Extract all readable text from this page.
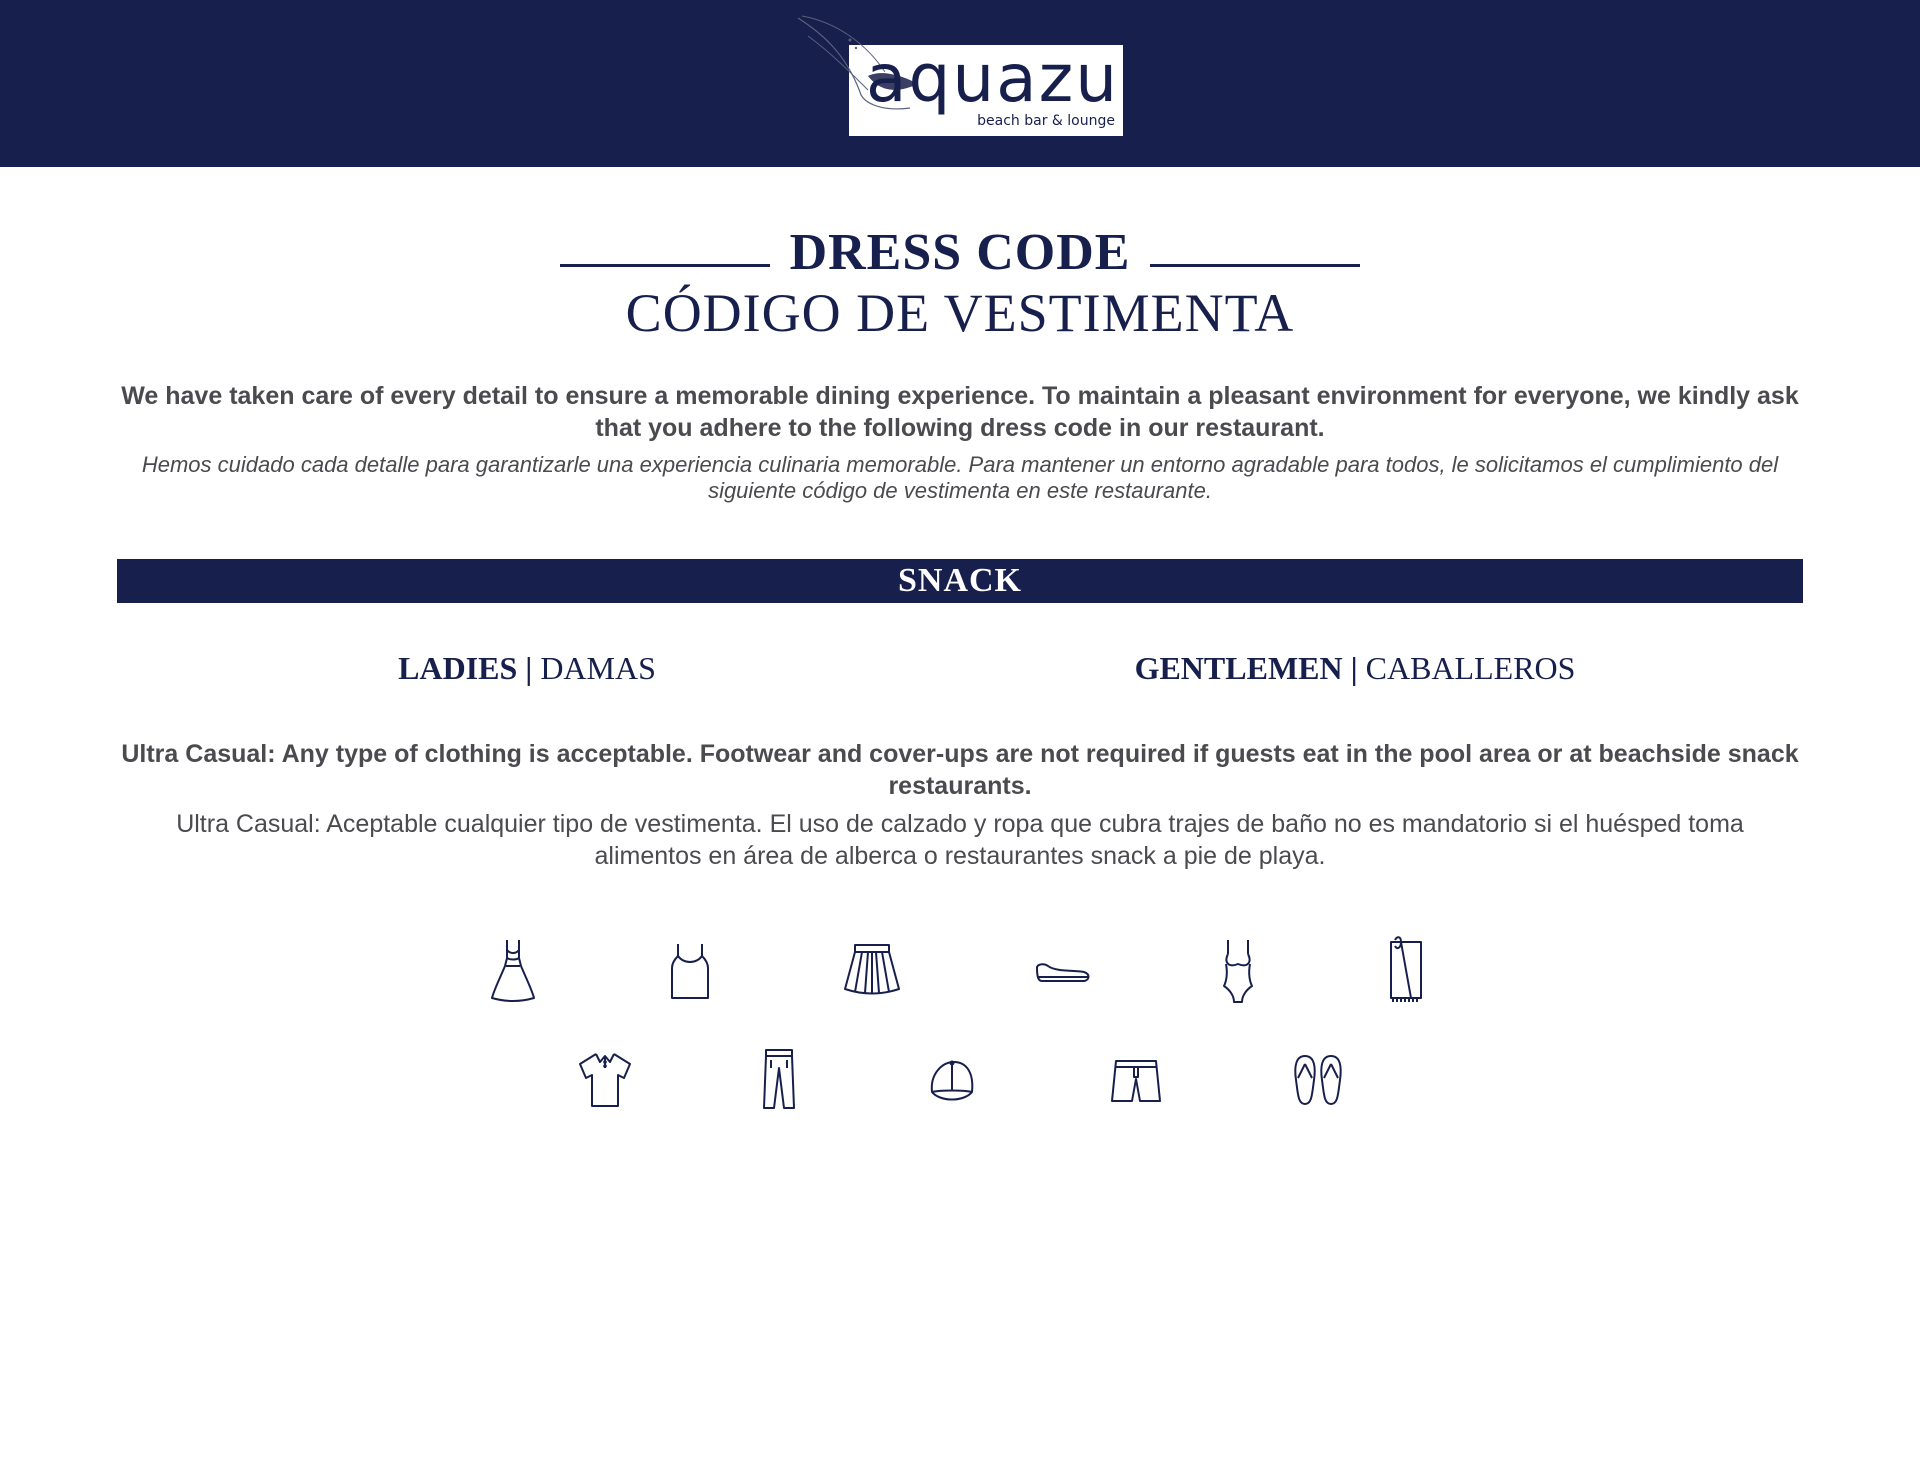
aquazul
beach bar & lounge
DRESS CODE
CÓDIGO DE VESTIMENTA
We have taken care of every detail to ensure a memorable dining experience. To maintain a pleasant environment for everyone, we kindly ask that you adhere to the following dress code in our restaurant.
Hemos cuidado cada detalle para garantizarle una experiencia culinaria memorable. Para mantener un entorno agradable para todos, le solicitamos el cumplimiento del siguiente código de vestimenta en este restaurante.
SNACK
LADIES | DAMAS	GENTLEMEN | CABALLEROS
Ultra Casual: Any type of clothing is acceptable. Footwear and cover-ups are not required if guests eat in the pool area or at beachside snack restaurants.
Ultra Casual: Aceptable cualquier tipo de vestimenta. El uso de calzado y ropa que cubra trajes de baño no es mandatorio si el huésped toma alimentos en área de alberca o restaurantes snack a pie de playa.
